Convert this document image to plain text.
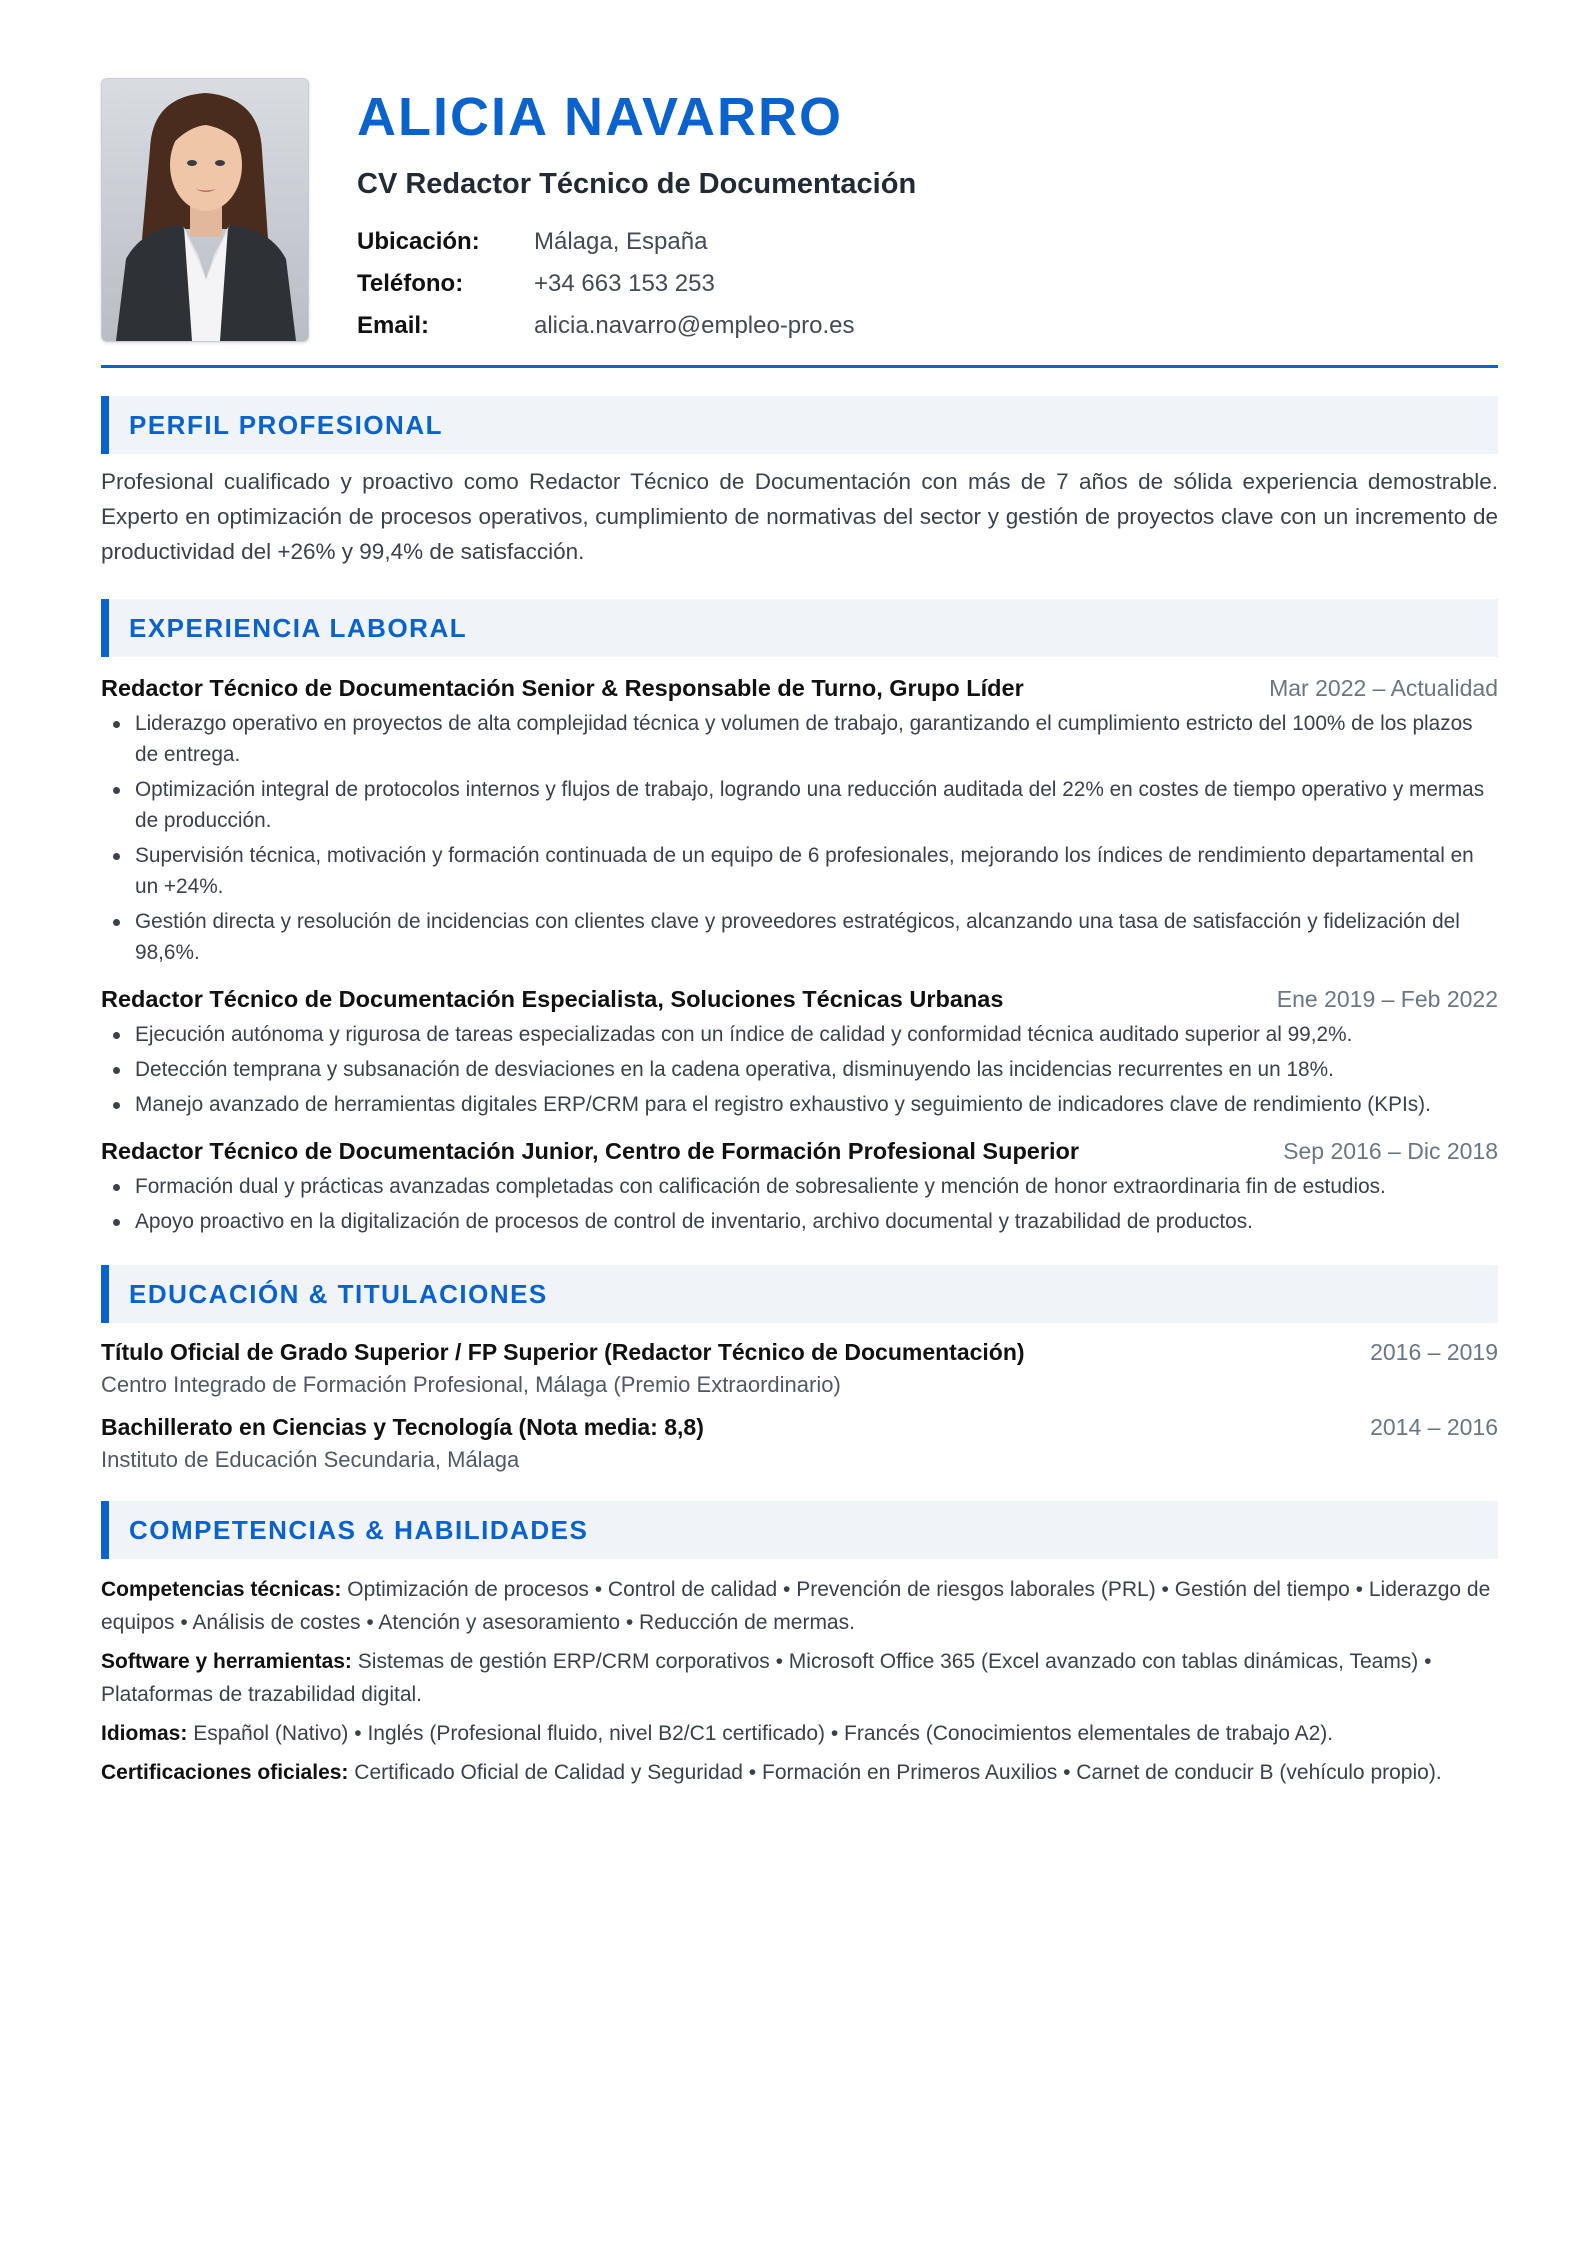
ALICIA NAVARRO
CV Redactor Técnico de Documentación
Ubicación:	Málaga, España
Teléfono:	+34 663 153 253
Email:	alicia.navarro@empleo-pro.es
PERFIL PROFESIONAL
Profesional cualificado y proactivo como Redactor Técnico de Documentación con más de 7 años de sólida experiencia demostrable. Experto en optimización de procesos operativos, cumplimiento de normativas del sector y gestión de proyectos clave con un incremento de productividad del +26% y 99,4% de satisfacción.
EXPERIENCIA LABORAL
Redactor Técnico de Documentación Senior & Responsable de Turno, Grupo Líder	Mar 2022 – Actualidad
Liderazgo operativo en proyectos de alta complejidad técnica y volumen de trabajo, garantizando el cumplimiento estricto del 100% de los plazos de entrega.
Optimización integral de protocolos internos y flujos de trabajo, logrando una reducción auditada del 22% en costes de tiempo operativo y mermas de producción.
Supervisión técnica, motivación y formación continuada de un equipo de 6 profesionales, mejorando los índices de rendimiento departamental en un +24%.
Gestión directa y resolución de incidencias con clientes clave y proveedores estratégicos, alcanzando una tasa de satisfacción y fidelización del 98,6%.
Redactor Técnico de Documentación Especialista, Soluciones Técnicas Urbanas	Ene 2019 – Feb 2022
Ejecución autónoma y rigurosa de tareas especializadas con un índice de calidad y conformidad técnica auditado superior al 99,2%.
Detección temprana y subsanación de desviaciones en la cadena operativa, disminuyendo las incidencias recurrentes en un 18%.
Manejo avanzado de herramientas digitales ERP/CRM para el registro exhaustivo y seguimiento de indicadores clave de rendimiento (KPIs).
Redactor Técnico de Documentación Junior, Centro de Formación Profesional Superior	Sep 2016 – Dic 2018
Formación dual y prácticas avanzadas completadas con calificación de sobresaliente y mención de honor extraordinaria fin de estudios.
Apoyo proactivo en la digitalización de procesos de control de inventario, archivo documental y trazabilidad de productos.
EDUCACIÓN & TITULACIONES
Título Oficial de Grado Superior / FP Superior (Redactor Técnico de Documentación)	2016 – 2019
Centro Integrado de Formación Profesional, Málaga (Premio Extraordinario)
Bachillerato en Ciencias y Tecnología (Nota media: 8,8)	2014 – 2016
Instituto de Educación Secundaria, Málaga
COMPETENCIAS & HABILIDADES
Competencias técnicas: Optimización de procesos • Control de calidad • Prevención de riesgos laborales (PRL) • Gestión del tiempo • Liderazgo de equipos • Análisis de costes • Atención y asesoramiento • Reducción de mermas.
Software y herramientas: Sistemas de gestión ERP/CRM corporativos • Microsoft Office 365 (Excel avanzado con tablas dinámicas, Teams) • Plataformas de trazabilidad digital.
Idiomas: Español (Nativo) • Inglés (Profesional fluido, nivel B2/C1 certificado) • Francés (Conocimientos elementales de trabajo A2).
Certificaciones oficiales: Certificado Oficial de Calidad y Seguridad • Formación en Primeros Auxilios • Carnet de conducir B (vehículo propio).
